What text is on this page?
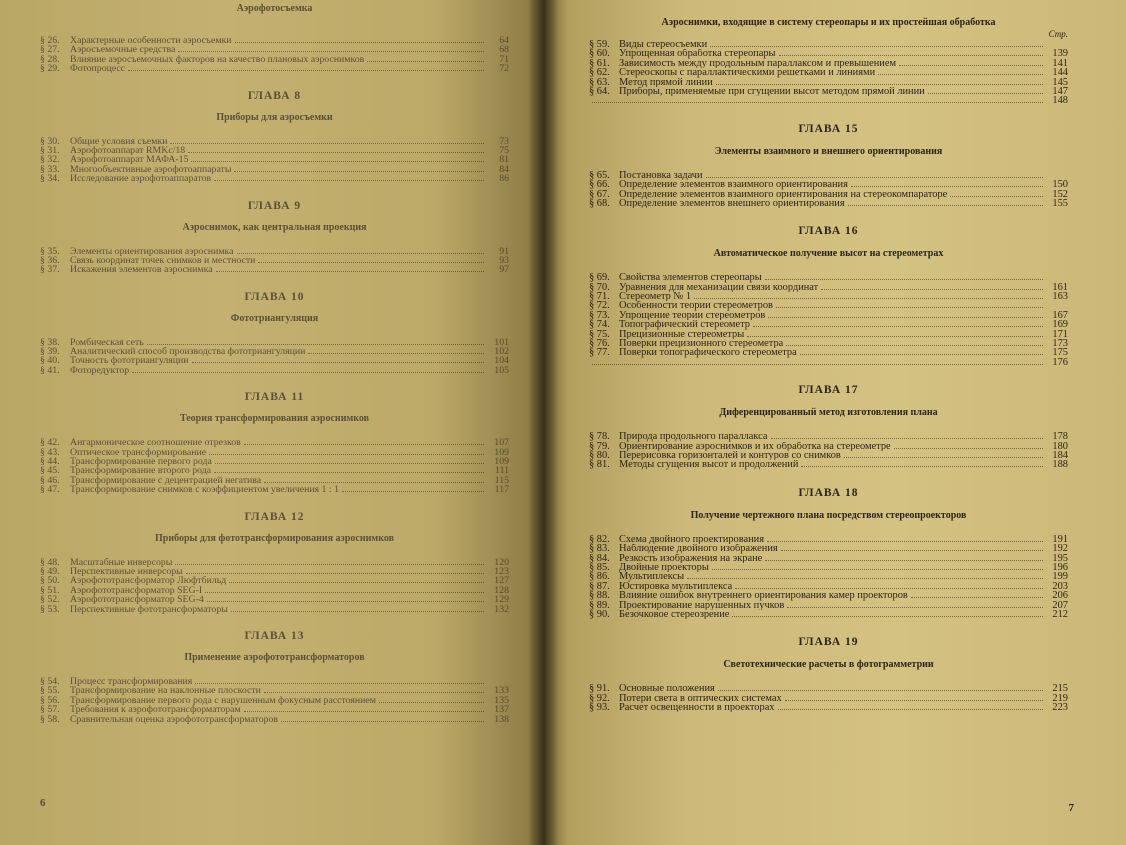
Аэрофотосъемка
§ 26.	Характерные особенности аэросъемки	64
§ 27.	Аэросъемочные средства	68
§ 28.	Влияние аэросъемочных факторов на качество плановых аэроснимков	71
§ 29.	Фотопроцесс	72
ГЛАВА 8
Приборы для аэросъемки
§ 30.	Общие условия съемки	73
§ 31.	Аэрофотоаппарат RMKc/18	75
§ 32.	Аэрофотоаппарат МАФА-15	81
§ 33.	Многообъективные аэрофотоаппараты	84
§ 34.	Исследование аэрофотоаппаратов	86
ГЛАВА 9
Аэроснимок, как центральная проекция
§ 35.	Элементы ориентирования аэроснимка	91
§ 36.	Связь координат точек снимков и местности	93
§ 37.	Искажения элементов аэроснимка	97
ГЛАВА 10
Фототриангуляция
§ 38.	Ромбическая сеть	101
§ 39.	Аналитический способ производства фототриангуляции	102
§ 40.	Точность фототриангуляции	104
§ 41.	Фоторедуктор	105
ГЛАВА 11
Теория трансформирования аэроснимков
§ 42.	Ангармоническое соотношение отрезков	107
§ 43.	Оптическое трансформирование	109
§ 44.	Трансформирование первого рода	109
§ 45.	Трансформирование второго рода	111
§ 46.	Трансформирование с децентрацией негатива	115
§ 47.	Трансформирование снимков с коэффициентом увеличения 1 : 1	117
ГЛАВА 12
Приборы для фототрансформирования аэроснимков
§ 48.	Масштабные инверсоры	120
§ 49.	Перспективные инверсоры	123
§ 50.	Аэрофототрансформатор Люфтбильд	127
§ 51.	Аэрофототрансформатор SEG-I	128
§ 52.	Аэрофототрансформатор SEG-4	129
§ 53.	Перспективные фототрансформаторы	132
ГЛАВА 13
Применение аэрофототрансформаторов
§ 54.	Процесс трансформирования
§ 55.	Трансформирование на наклонные плоскости	133
§ 56.	Трансформирование первого рода с нарушенным фокусным расстоянием	135
§ 57.	Требования к аэрофототрансформаторам	137
§ 58.	Сравнительная оценка аэрофототрансформаторов	138
6
Аэроснимки, входящие в систему стереопары и их простейшая обработка
Стр.
§ 59. Виды стереосъемки
§ 60. Упрощенная обработка стереопары	139
§ 61. Зависимость между продольным параллаксом и превышением	141
§ 62. Стереоскопы с параллактическими решетками и линиями	144
§ 63. Метод прямой линии	145
§ 64. Приборы, применяемые при сгущении высот методом прямой линии	147
148
ГЛАВА 15
Элементы взаимного и внешнего ориентирования
§ 65. Постановка задачи
§ 66. Определение элементов взаимного ориентирования	150
§ 67. Определение элементов взаимного ориентирования на стереокомпараторе	152
§ 68. Определение элементов внешнего ориентирования	155
ГЛАВА 16
Автоматическое получение высот на стереометрах
§ 69. Свойства элементов стереопары
§ 70. Уравнения для механизации связи координат	161
§ 71. Стереометр № 1	163
§ 72. Особенности теории стереометров
§ 73. Упрощение теории стереометров	167
§ 74. Топографический стереометр	169
§ 75. Прецизионные стереометры	171
§ 76. Поверки прецизионного стереометра	173
§ 77. Поверки топографического стереометра	175
176
ГЛАВА 17
Диференцированный метод изготовления плана
§ 78. Природа продольного параллакса	178
§ 79. Ориентирование аэроснимков и их обработка на стереометре	180
§ 80. Перерисовка горизонталей и контуров со снимков	184
§ 81. Методы сгущения высот и продолжений	188
ГЛАВА 18
Получение чертежного плана посредством стереопроекторов
§ 82. Схема двойного проектирования	191
§ 83. Наблюдение двойного изображения	192
§ 84. Резкость изображения на экране	195
§ 85. Двойные проекторы	196
§ 86. Мультиплексы	199
§ 87. Юстировка мультиплекса	203
§ 88. Влияние ошибок внутреннего ориентирования камер проекторов	206
§ 89. Проектирование нарушенных пучков	207
§ 90. Безочковое стереозрение	212
ГЛАВА 19
Светотехнические расчеты в фотограмметрии
§ 91. Основные положения	215
§ 92. Потери света в оптических системах	219
§ 93. Расчет освещенности в проекторах	223
7
